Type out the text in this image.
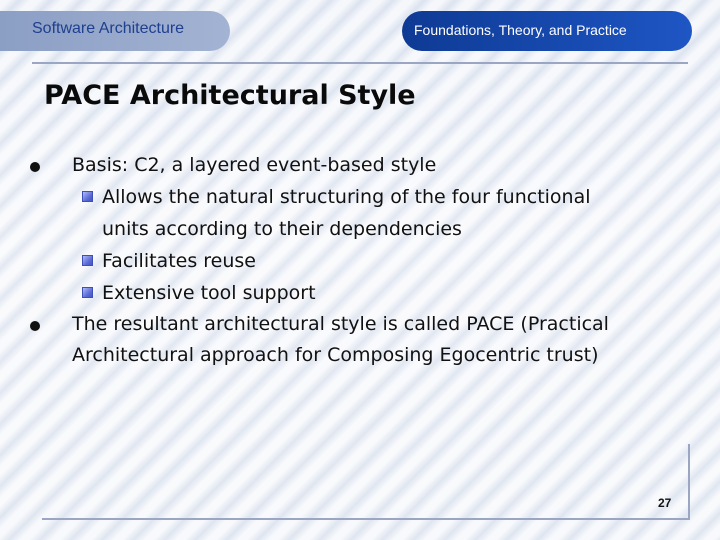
Software Architecture	Foundations, Theory, and Practice
PACE Architectural Style
Basis: C2, a layered event-based style
Allows the natural structuring of the four functional
units according to their dependencies
Facilitates reuse
Extensive tool support
The resultant architectural style is called PACE (Practical
Architectural approach for Composing Egocentric trust)
27
